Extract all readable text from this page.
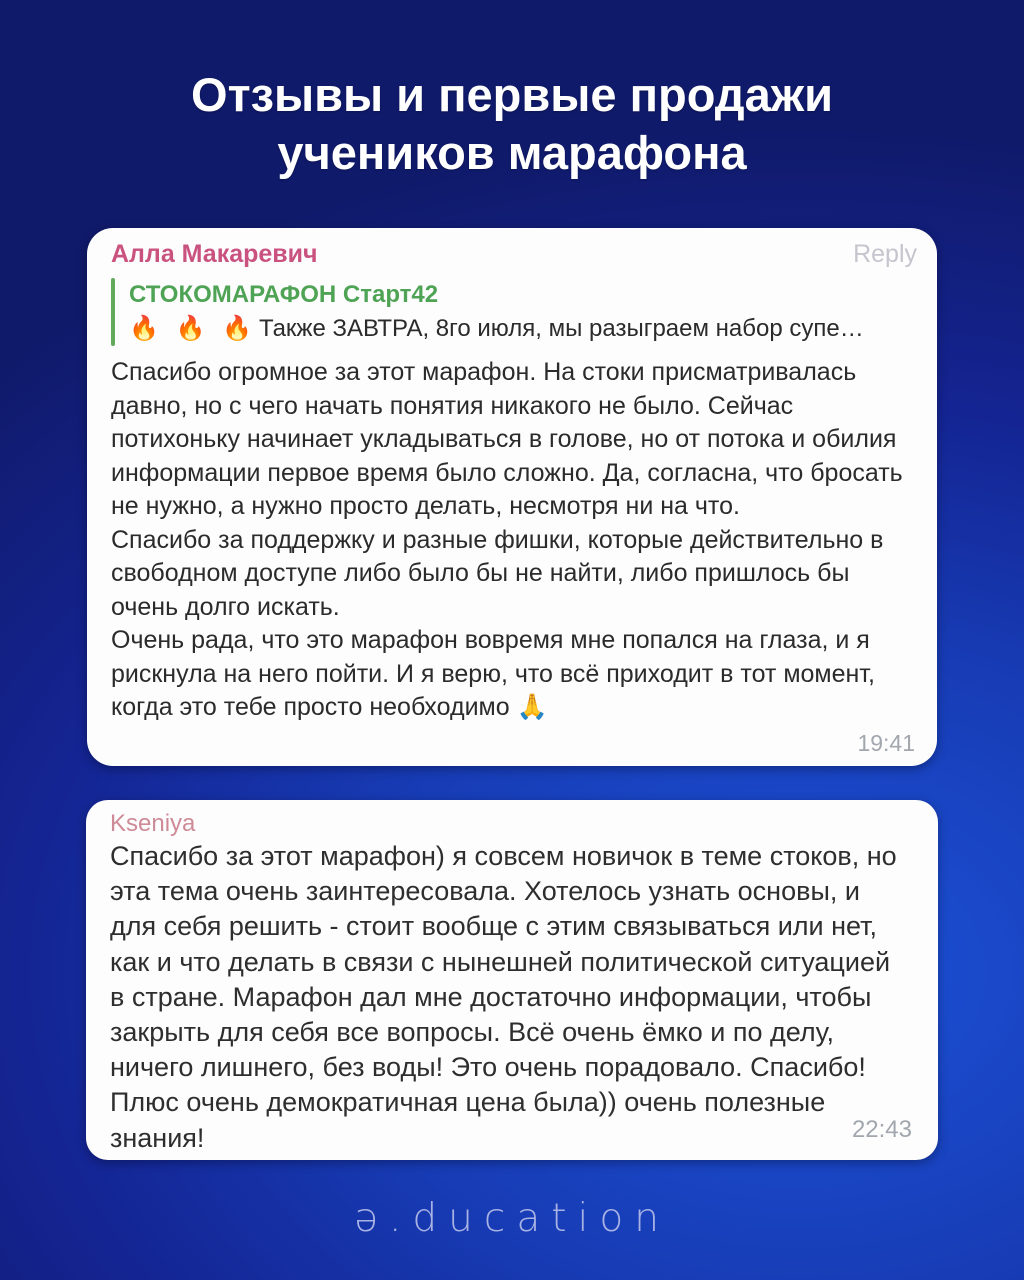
Отзывы и первые продажи
учеников марафона
Алла Макаревич	Reply
СТОКОМАРАФОН Старт42
🔥 🔥 🔥Также ЗАВТРА, 8го июля, мы разыграем набор супе…

Спасибо огромное за этот марафон. На стоки присматривалась давно, но с чего начать понятия никакого не было. Сейчас потихоньку начинает укладываться в голове, но от потока и обилия информации первое время было сложно. Да, согласна, что бросать не нужно, а нужно просто делать, несмотря ни на что.

Спасибо за поддержку и разные фишки, которые действительно в свободном доступе либо было бы не найти, либо пришлось бы очень долго искать.

Очень рада, что это марафон вовремя мне попался на глаза, и я рискнула на него пойти. И я верю, что всё приходит в тот момент, когда это тебе просто необходимо 🙏

19:41
Kseniya

Спасибо за этот марафон) я совсем новичок в теме стоков, но эта тема очень заинтересовала. Хотелось узнать основы, и для себя решить - стоит вообще с этим связываться или нет, как и что делать в связи с нынешней политической ситуацией в стране. Марафон дал мне достаточно информации, чтобы закрыть для себя все вопросы. Всё очень ёмко и по делу, ничего лишнего, без воды! Это очень порадовало. Спасибо! Плюс очень демократичная цена была)) очень полезные знания!	22:43
ə.ducation
